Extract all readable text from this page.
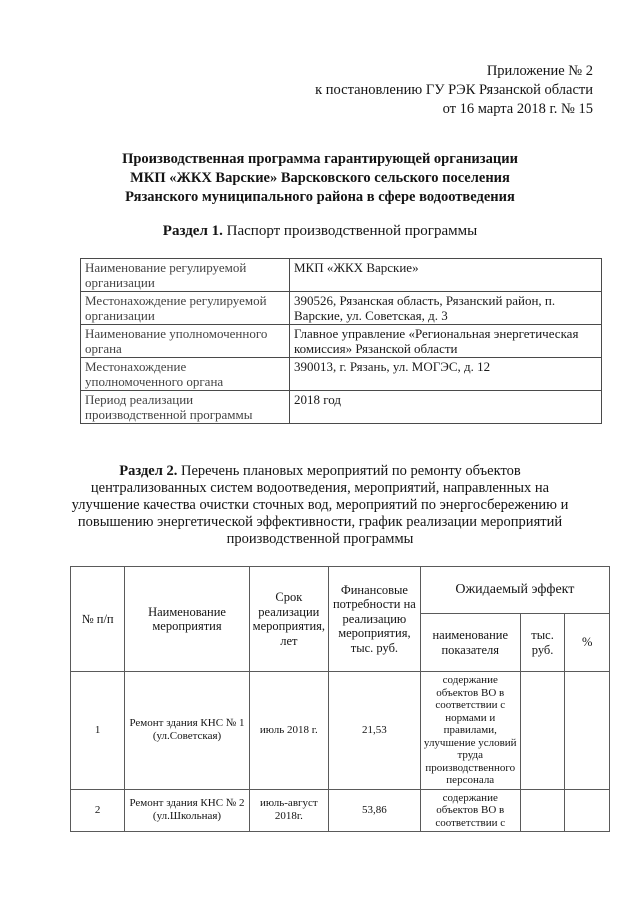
Приложение № 2
к постановлению ГУ РЭК Рязанской области
от 16 марта 2018 г. № 15
Производственная программа гарантирующей организации
МКП «ЖКХ Варские» Варсковского сельского поселения
Рязанского муниципального района в сфере водоотведения
Раздел 1. Паспорт производственной программы
Наименование регулируемой организации	МКП «ЖКХ Варские»
Местонахождение регулируемой организации	390526, Рязанская область, Рязанский район, п. Варские, ул. Советская, д. 3
Наименование уполномоченного органа	Главное управление «Региональная энергетическая комиссия» Рязанской области
Местонахождение уполномоченного органа	390013, г. Рязань, ул. МОГЭС, д. 12
Период реализации производственной программы	2018 год
Раздел 2. Перечень плановых мероприятий по ремонту объектов централизованных систем водоотведения, мероприятий, направленных на улучшение качества очистки сточных вод, мероприятий по энергосбережению и повышению энергетической эффективности, график реализации мероприятий производственной программы
№ п/п	Наименование мероприятия	Срок реализации мероприятия, лет	Финансовые потребности на реализацию мероприятия, тыс. руб.	Ожидаемый эффект		
				наименование показателя	тыс. руб.	%
1	Ремонт здания КНС № 1 (ул.Советская)	июль 2018 г.	21,53	содержание объектов ВО в соответствии с нормами и правилами, улучшение условий труда производственного персонала		
2	Ремонт здания КНС № 2 (ул.Школьная)	июль-август 2018г.	53,86	содержание объектов ВО в соответствии с		
